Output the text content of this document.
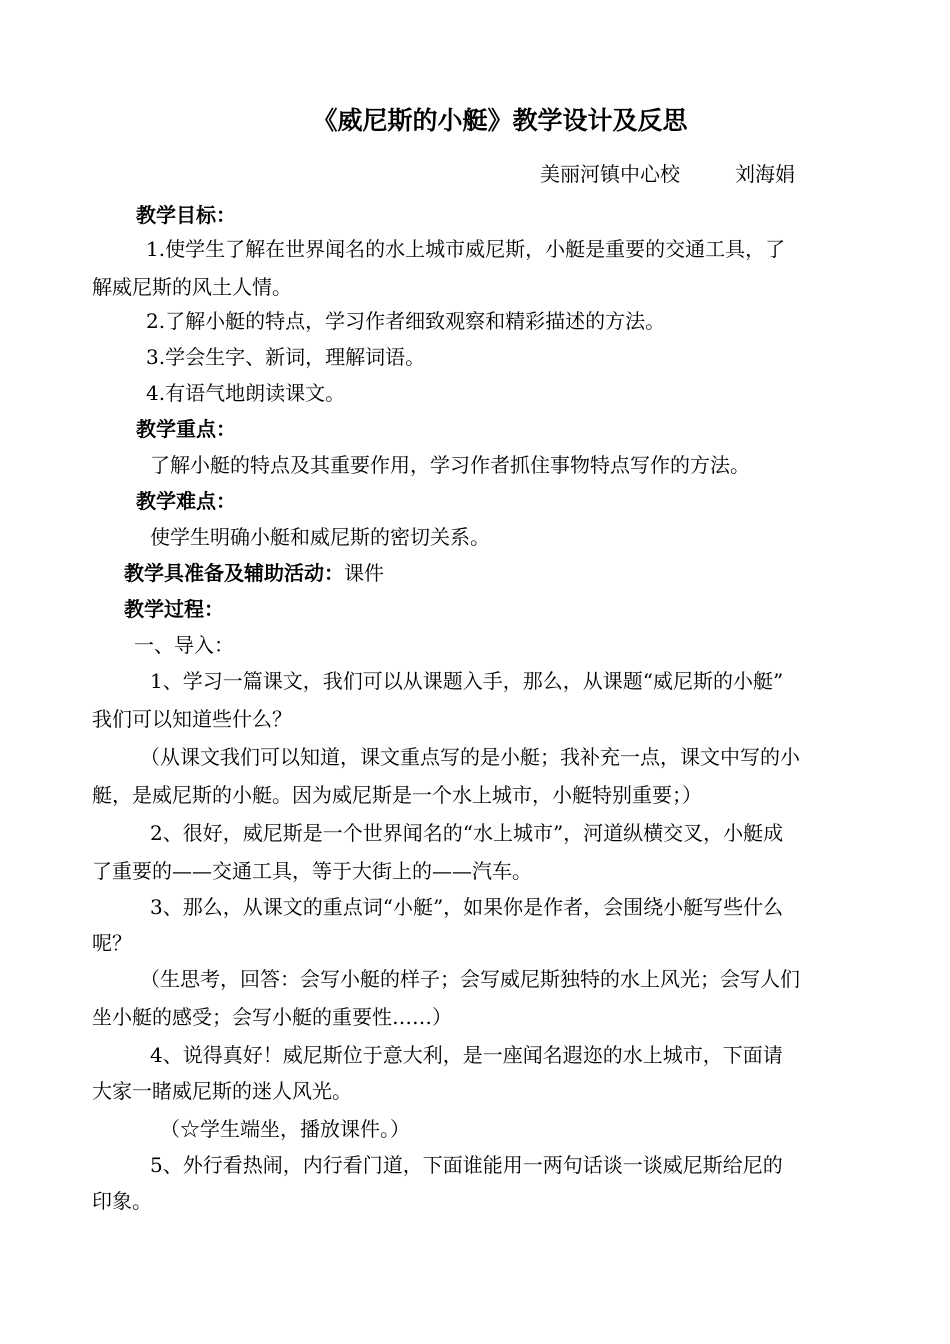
《威尼斯的小艇》教学设计及反思
美丽河镇中心校	刘海娟
教学目标：
1.使学生了解在世界闻名的水上城市威尼斯，小艇是重要的交通工具，了
解威尼斯的风土人情。
2.了解小艇的特点，学习作者细致观察和精彩描述的方法。
3.学会生字、新词，理解词语。
4.有语气地朗读课文。
教学重点：
了解小艇的特点及其重要作用，学习作者抓住事物特点写作的方法。
教学难点：
使学生明确小艇和威尼斯的密切关系。
教学具准备及辅助活动：课件
教学过程：
一、导入：
1、学习一篇课文，我们可以从课题入手，那么，从课题“威尼斯的小艇”
我们可以知道些什么？
（从课文我们可以知道，课文重点写的是小艇；我补充一点，课文中写的小
艇，是威尼斯的小艇。因为威尼斯是一个水上城市，小艇特别重要；）
2、很好，威尼斯是一个世界闻名的“水上城市”，河道纵横交叉，小艇成
了重要的——交通工具，等于大街上的——汽车。
3、那么，从课文的重点词“小艇”，如果你是作者，会围绕小艇写些什么
呢？
（生思考，回答：会写小艇的样子；会写威尼斯独特的水上风光；会写人们
坐小艇的感受；会写小艇的重要性……）
4、说得真好！威尼斯位于意大利，是一座闻名遐迩的水上城市，下面请
大家一睹威尼斯的迷人风光。
（☆学生端坐，播放课件。）
5、外行看热闹，内行看门道，下面谁能用一两句话谈一谈威尼斯给尼的
印象。
